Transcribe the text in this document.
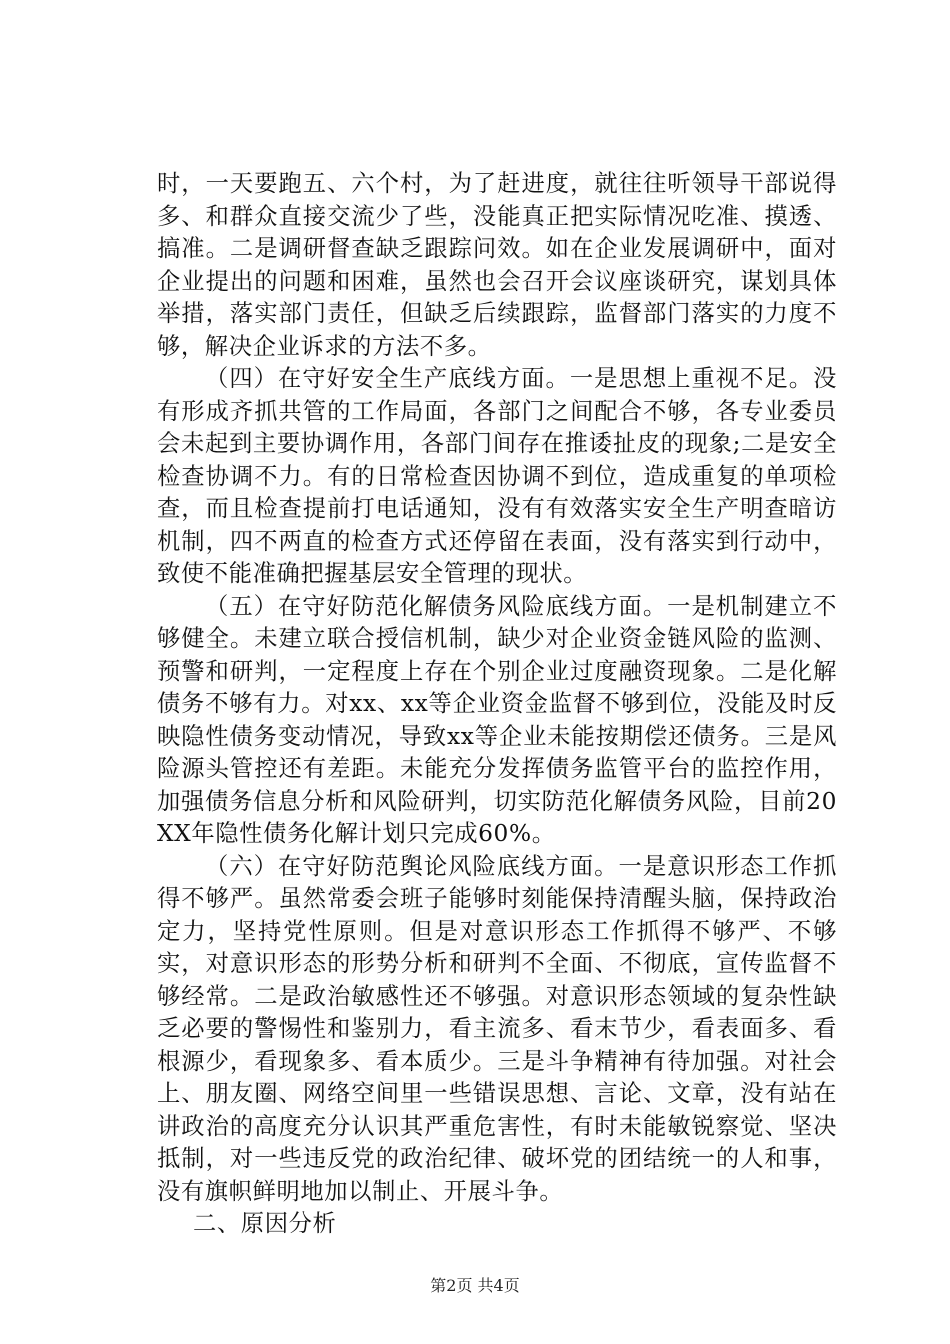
时，一天要跑五、六个村，为了赶进度，就往往听领导干部说得多、和群众直接交流少了些，没能真正把实际情况吃准、摸透、搞准。二是调研督查缺乏跟踪问效。如在企业发展调研中，面对企业提出的问题和困难，虽然也会召开会议座谈研究，谋划具体举措，落实部门责任，但缺乏后续跟踪，监督部门落实的力度不够，解决企业诉求的方法不多。

（四）在守好安全生产底线方面。一是思想上重视不足。没有形成齐抓共管的工作局面，各部门之间配合不够，各专业委员会未起到主要协调作用，各部门间存在推诿扯皮的现象;二是安全检查协调不力。有的日常检查因协调不到位，造成重复的单项检查，而且检查提前打电话通知，没有有效落实安全生产明查暗访机制，四不两直的检查方式还停留在表面，没有落实到行动中，致使不能准确把握基层安全管理的现状。

（五）在守好防范化解债务风险底线方面。一是机制建立不够健全。未建立联合授信机制，缺少对企业资金链风险的监测、预警和研判，一定程度上存在个别企业过度融资现象。二是化解债务不够有力。对xx、xx等企业资金监督不够到位，没能及时反映隐性债务变动情况，导致xx等企业未能按期偿还债务。三是风险源头管控还有差距。未能充分发挥债务监管平台的监控作用，加强债务信息分析和风险研判，切实防范化解债务风险，目前20XX年隐性债务化解计划只完成60%。

（六）在守好防范舆论风险底线方面。一是意识形态工作抓得不够严。虽然常委会班子能够时刻能保持清醒头脑，保持政治定力，坚持党性原则。但是对意识形态工作抓得不够严、不够实，对意识形态的形势分析和研判不全面、不彻底，宣传监督不够经常。二是政治敏感性还不够强。对意识形态领域的复杂性缺乏必要的警惕性和鉴别力，看主流多、看末节少，看表面多、看根源少，看现象多、看本质少。三是斗争精神有待加强。对社会上、朋友圈、网络空间里一些错误思想、言论、文章，没有站在讲政治的高度充分认识其严重危害性，有时未能敏锐察觉、坚决抵制，对一些违反党的政治纪律、破坏党的团结统一的人和事，没有旗帜鲜明地加以制止、开展斗争。

二、原因分析

第2页 共4页
